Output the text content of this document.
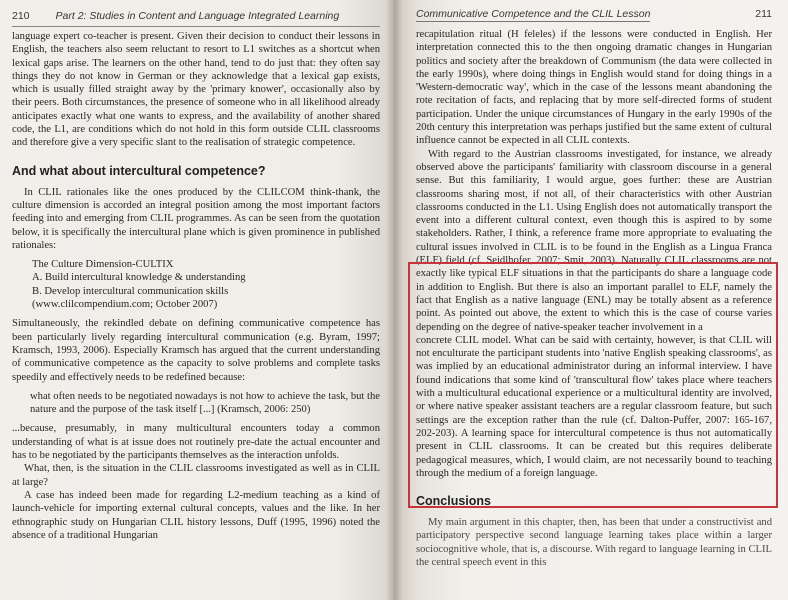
210 Part 2: Studies in Content and Language Integrated Learning

language expert co-teacher is present. Given their decision to conduct their lessons in English, the teachers also seem reluctant to resort to L1 switches as a shortcut when lexical gaps arise. The learners on the other hand, tend to do just that: they often say things they do not know in German or they acknowledge that a lexical gap exists, which is usually filled straight away by the 'primary knower', occasionally also by their peers. Both circumstances, the presence of someone who in all likelihood already anticipates exactly what one wants to express, and the availability of another shared code, the L1, are conditions which do not hold in this form outside CLIL classrooms and therefore give a very specific slant to the realisation of strategic competence.

And what about intercultural competence?

In CLIL rationales like the ones produced by the CLILCOM think-thank, the culture dimension is accorded an integral position among the most important factors feeding into and emerging from CLIL programmes. As can be seen from the quotation below, it is specifically the intercultural plane which is given prominence in published rationales:

The Culture Dimension-CULTIX
A. Build intercultural knowledge & understanding
B. Develop intercultural communication skills
(www.clilcompendium.com; October 2007)

Simultaneously, the rekindled debate on defining communicative competence has been particularly lively regarding intercultural communication (e.g. Byram, 1997; Kramsch, 1993, 2006). Especially Kramsch has argued that the current understanding of communicative competence as the capacity to solve problems and complete tasks speedily and effectively needs to be redefined because:

what often needs to be negotiated nowadays is not how to achieve the task, but the nature and the purpose of the task itself [...] (Kramsch, 2006: 250)

...because, presumably, in many multicultural encounters today a common understanding of what is at issue does not routinely pre-date the actual encounter and has to be negotiated by the participants themselves as the interaction unfolds.

What, then, is the situation in the CLIL classrooms investigated as well as in CLIL at large?

A case has indeed been made for regarding L2-medium teaching as a kind of launch-vehicle for importing external cultural concepts, values and the like. In her ethnographic study on Hungarian CLIL history lessons, Duff (1995, 1996) noted the absence of a traditional Hungarian

Communicative Competence and the CLIL Lesson	211

recapitulation ritual (H feleles) if the lessons were conducted in English. Her interpretation connected this to the then ongoing dramatic changes in Hungarian politics and society after the breakdown of Communism (the data were collected in the early 1990s), where doing things in English would stand for doing things in a 'Western-democratic way', which in the case of the lessons meant abandoning the rote recitation of facts, and replacing that by more self-directed forms of student participation. Under the unique circumstances of Hungary in the early 1990s of the 20th century this interpretation was perhaps justified but the same extent of cultural influence cannot be expected in all CLIL contexts.

With regard to the Austrian classrooms investigated, for instance, we already observed above the participants' familiarity with classroom discourse in a general sense. But this familiarity, I would argue, goes further: these are Austrian classrooms sharing most, if not all, of their characteristics with other Austrian classrooms conducted in the L1. Using English does not automatically transport the event into a different cultural context, even though this is aspired to by some stakeholders. Rather, I think, a reference frame more appropriate to evaluating the cultural issues involved in CLIL is to be found in the English as a Lingua Franca (ELF) field (cf. Seidlhofer, 2007; Smit, 2003). Naturally CLIL classrooms are not exactly like typical ELF situations in that the participants do share a language code in addition to English. But there is also an important parallel to ELF, namely the fact that English as a native language (ENL) may be totally absent as a reference point. As pointed out above, the extent to which this is the case of course varies depending on the degree of native-speaker teacher involvement in a

concrete CLIL model. What can be said with certainty, however, is that CLIL will not enculturate the participant students into 'native English speaking classrooms', as was implied by an educational administrator during an informal interview. I have found indications that some kind of 'transcultural flow' takes place where teachers with a multicultural educational experience or a multicultural identity are involved, or where native speaker assistant teachers are a regular classroom feature, but such settings are the exception rather than the rule (cf. Dalton-Puffer, 2007: 165-167, 202-203). A learning space for intercultural competence is thus not automatically present in CLIL classrooms. It can be created but this requires deliberate pedagogical measures, which, I would claim, are not necessarily bound to teaching through the medium of a foreign language.

Conclusions

My main argument in this chapter, then, has been that under a constructivist and participatory perspective second language learning takes place within a larger sociocognitive whole, that is, a discourse. With regard to language learning in CLIL the central speech event in this
